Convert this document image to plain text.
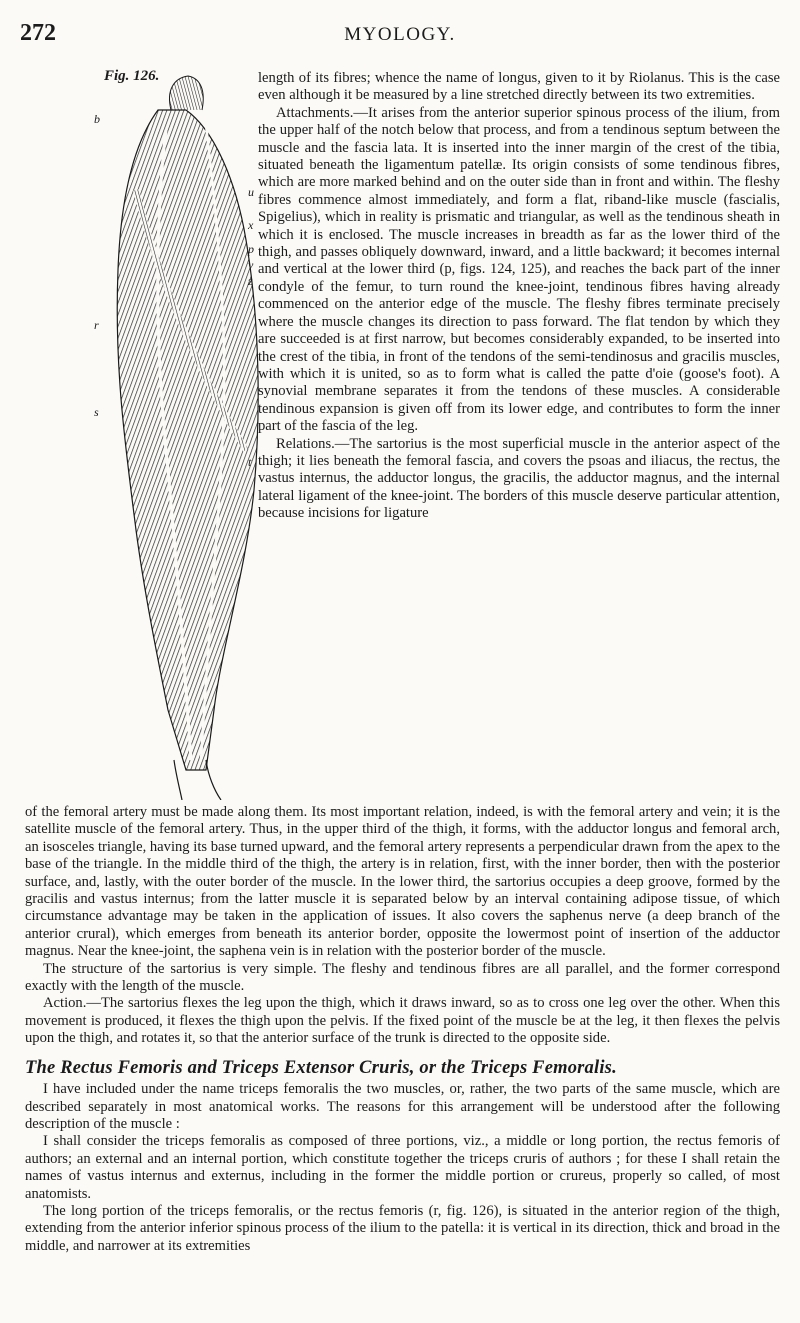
272	MYOLOGY.
b
u
x
p
v
z
r
s
t
Fig. 126.	length of its fibres; whence the name of longus, given to it by Riolanus. This is the case even although it be measured by a line stretched directly between its two extremities.

Attachments.—It arises from the anterior superior spinous process of the ilium, from the upper half of the notch below that process, and from a tendinous septum between the muscle and the fascia lata. It is inserted into the inner margin of the crest of the tibia, situated beneath the ligamentum patellæ. Its origin consists of some tendinous fibres, which are more marked behind and on the outer side than in front and within. The fleshy fibres commence almost immediately, and form a flat, riband-like muscle (fascialis, Spigelius), which in reality is prismatic and triangular, as well as the tendinous sheath in which it is enclosed. The muscle increases in breadth as far as the lower third of the thigh, and passes obliquely downward, inward, and a little backward; it becomes internal and vertical at the lower third (p, figs. 124, 125), and reaches the back part of the inner condyle of the femur, to turn round the knee-joint, tendinous fibres having already commenced on the anterior edge of the muscle. The fleshy fibres terminate precisely where the muscle changes its direction to pass forward. The flat tendon by which they are succeeded is at first narrow, but becomes considerably expanded, to be inserted into the crest of the tibia, in front of the tendons of the semi-tendinosus and gracilis muscles, with which it is united, so as to form what is called the patte d'oie (goose's foot). A synovial membrane separates it from the tendons of these muscles. A considerable tendinous expansion is given off from its lower edge, and contributes to form the inner part of the fascia of the leg.

Relations.—The sartorius is the most superficial muscle in the anterior aspect of the thigh; it lies beneath the femoral fascia, and covers the psoas and iliacus, the rectus, the vastus internus, the adductor longus, the gracilis, the adductor magnus, and the internal lateral ligament of the knee-joint. The borders of this muscle deserve particular attention, because incisions for ligature

of the femoral artery must be made along them. Its most important relation, indeed, is with the femoral artery and vein; it is the satellite muscle of the femoral artery. Thus, in the upper third of the thigh, it forms, with the adductor longus and femoral arch, an isosceles triangle, having its base turned upward, and the femoral artery represents a perpendicular drawn from the apex to the base of the triangle. In the middle third of the thigh, the artery is in relation, first, with the inner border, then with the posterior surface, and, lastly, with the outer border of the muscle. In the lower third, the sartorius occupies a deep groove, formed by the gracilis and vastus internus; from the latter muscle it is separated below by an interval containing adipose tissue, of which circumstance advantage may be taken in the application of issues. It also covers the saphenus nerve (a deep branch of the anterior crural), which emerges from beneath its anterior border, opposite the lowermost point of insertion of the adductor magnus. Near the knee-joint, the saphena vein is in relation with the posterior border of the muscle.

The structure of the sartorius is very simple. The fleshy and tendinous fibres are all parallel, and the former correspond exactly with the length of the muscle.

Action.—The sartorius flexes the leg upon the thigh, which it draws inward, so as to cross one leg over the other. When this movement is produced, it flexes the thigh upon the pelvis. If the fixed point of the muscle be at the leg, it then flexes the pelvis upon the thigh, and rotates it, so that the anterior surface of the trunk is directed to the opposite side.

The Rectus Femoris and Triceps Extensor Cruris, or the Triceps Femoralis.

I have included under the name triceps femoralis the two muscles, or, rather, the two parts of the same muscle, which are described separately in most anatomical works. The reasons for this arrangement will be understood after the following description of the muscle :

I shall consider the triceps femoralis as composed of three portions, viz., a middle or long portion, the rectus femoris of authors; an external and an internal portion, which constitute together the triceps cruris of authors ; for these I shall retain the names of vastus internus and externus, including in the former the middle portion or crureus, properly so called, of most anatomists.

The long portion of the triceps femoralis, or the rectus femoris (r, fig. 126), is situated in the anterior region of the thigh, extending from the anterior inferior spinous process of the ilium to the patella: it is vertical in its direction, thick and broad in the middle, and narrower at its extremities
